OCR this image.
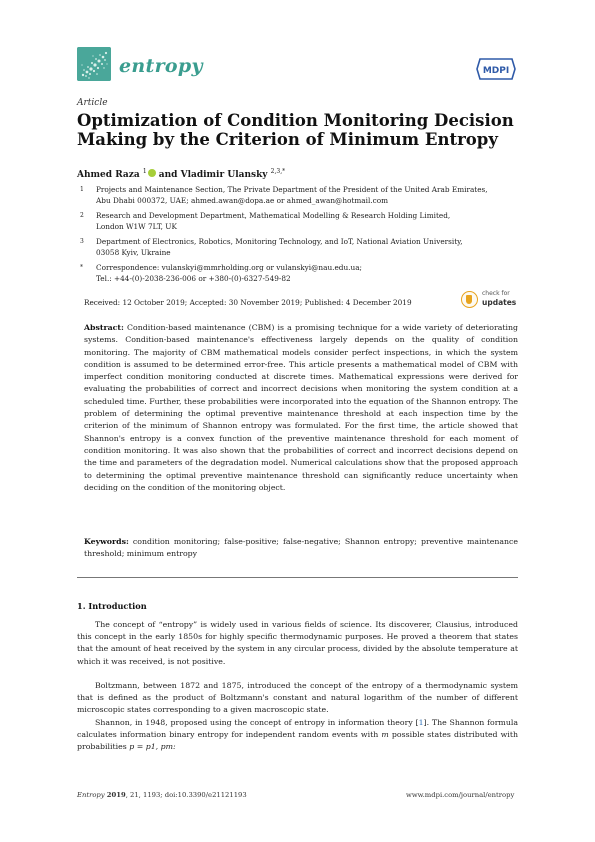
entropy	MDPI
Article
Optimization of Condition Monitoring Decision Making by the Criterion of Minimum Entropy
Ahmed Raza $^1$ and Vladimir Ulansky $^{2,3,*}$
1 Projects and Maintenance Section, The Private Department of the President of the United Arab Emirates,
Abu Dhabi 000372, UAE; ahmed.awan@dopa.ae or ahmed_awan@hotmail.com
2 Research and Development Department, Mathematical Modelling & Research Holding Limited,
London W1W 7LT, UK
3 Department of Electronics, Robotics, Monitoring Technology, and IoT, National Aviation University,
03058 Kyiv, Ukraine
* Correspondence: vulanskyi@mmrholding.org or vulanskyi@nau.edu.ua;
Tel.: +44-(0)-2038-236-006 or +380-(0)-6327-549-82
Received: 12 October 2019; Accepted: 30 November 2019; Published: 4 December 2019
check for
updates
Abstract: Condition-based maintenance (CBM) is a promising technique for a wide variety of deteriorating systems. Condition-based maintenance's effectiveness largely depends on the quality of condition monitoring. The majority of CBM mathematical models consider perfect inspections, in which the system condition is assumed to be determined error-free. This article presents a mathematical model of CBM with imperfect condition monitoring conducted at discrete times. Mathematical expressions were derived for evaluating the probabilities of correct and incorrect decisions when monitoring the system condition at a scheduled time. Further, these probabilities were incorporated into the equation of the Shannon entropy. The problem of determining the optimal preventive maintenance threshold at each inspection time by the criterion of the minimum of Shannon entropy was formulated. For the first time, the article showed that Shannon's entropy is a convex function of the preventive maintenance threshold for each moment of condition monitoring. It was also shown that the probabilities of correct and incorrect decisions depend on the time and parameters of the degradation model. Numerical calculations show that the proposed approach to determining the optimal preventive maintenance threshold can significantly reduce uncertainty when deciding on the condition of the monitoring object.
Keywords: condition monitoring; false-positive; false-negative; Shannon entropy; preventive maintenance threshold; minimum entropy
1. Introduction
The concept of “entropy” is widely used in various fields of science. Its discoverer, Clausius, introduced this concept in the early 1850s for highly specific thermodynamic purposes. He proved a theorem that states that the amount of heat received by the system in any circular process, divided by the absolute temperature at which it was received, is not positive.
Boltzmann, between 1872 and 1875, introduced the concept of the entropy of a thermodynamic system that is defined as the product of Boltzmann's constant and natural logarithm of the number of different microscopic states corresponding to a given macroscopic state.
Shannon, in 1948, proposed using the concept of entropy in information theory [1]. The Shannon formula calculates information binary entropy for independent random events with m possible states distributed with probabilities p = p1, pm:
Entropy 2019, 21, 1193; doi:10.3390/e21121193	www.mdpi.com/journal/entropy
